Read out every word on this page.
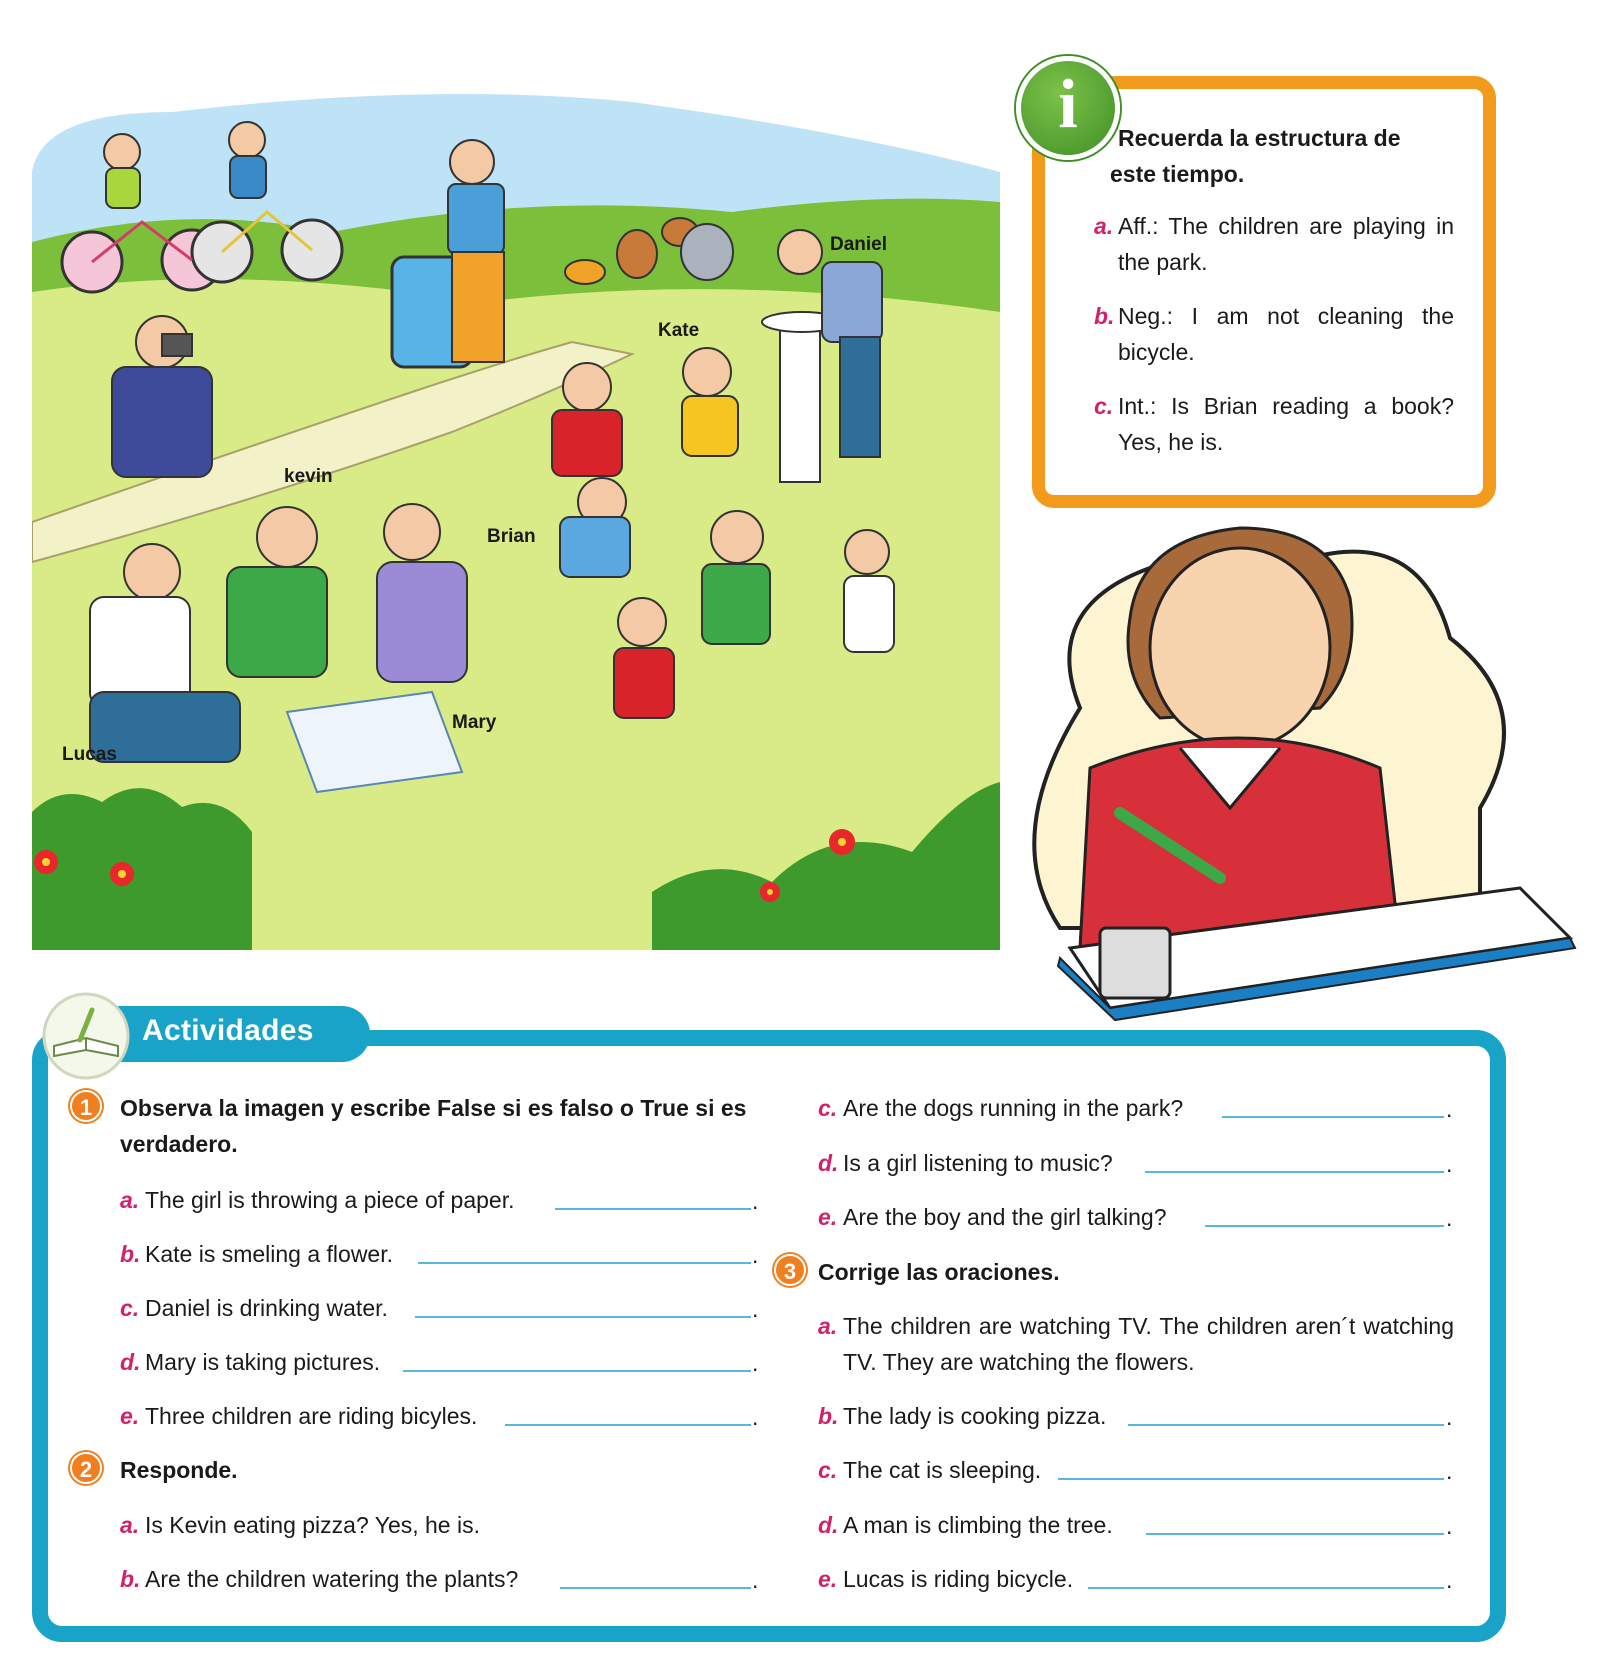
Daniel
Kate
kevin
Brian
Mary
Lucas
i	Recuerda la estructura de
este tiempo.
a. Aff.: The children are playing in the park.
b. Neg.: I am not cleaning the bicycle.
c. Int.: Is Brian reading a book? Yes, he is.
Actividades
1	Observa la imagen y escribe False si es falso o True si es verdadero.
a. The girl is throwing a piece of paper.	.
b. Kate is smeling a flower.	.
c. Daniel is drinking water.	.
d. Mary is taking pictures.	.
e. Three children are riding bicyles.	.
2	Responde.
a. Is Kevin eating pizza? Yes, he is.
b. Are the children watering the plants?	.
c. Are the dogs running in the park?	.
d. Is a girl listening to music?	.
e. Are the boy and the girl talking?	.
3 Corrige las oraciones.
a. The children are watching TV. The children aren´t watching TV. They are watching the flowers.
b. The lady is cooking pizza.	.
c. The cat is sleeping.	.
d. A man is climbing the tree.	.
e. Lucas is riding bicycle.	.
